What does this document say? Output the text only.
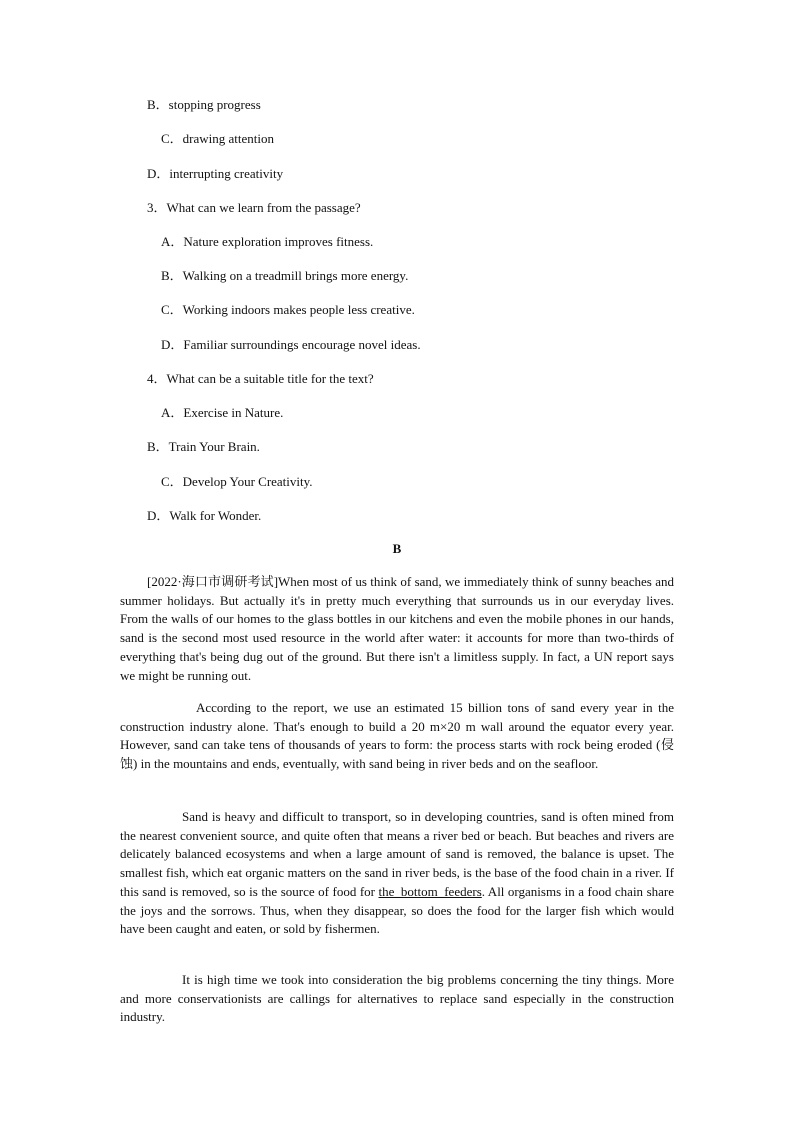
B．stopping progress
C．drawing attention
D．interrupting creativity
3．What can we learn from the passage?
A．Nature exploration improves fitness.
B．Walking on a treadmill brings more energy.
C．Working indoors makes people less creative.
D．Familiar surroundings encourage novel ideas.
4．What can be a suitable title for the text?
A．Exercise in Nature.
B．Train Your Brain.
C．Develop Your Creativity.
D．Walk for Wonder.
B

[2022·海口市调研考试]When most of us think of sand, we immediately think of sunny beaches and summer holidays. But actually it's in pretty much everything that surrounds us in our everyday lives. From the walls of our homes to the glass bottles in our kitchens and even the mobile phones in our hands, sand is the second most used resource in the world after water: it accounts for more than two-thirds of everything that's being dug out of the ground. But there isn't a limitless supply. In fact, a UN report says we might be running out.

According to the report, we use an estimated 15 billion tons of sand every year in the construction industry alone. That's enough to build a 20 m×20 m wall around the equator every year. However, sand can take tens of thousands of years to form: the process starts with rock being eroded (侵蚀) in the mountains and ends, eventually, with sand being in river beds and on the seafloor.

Sand is heavy and difficult to transport, so in developing countries, sand is often mined from the nearest convenient source, and quite often that means a river bed or beach. But beaches and rivers are delicately balanced ecosystems and when a large amount of sand is removed, the balance is upset. The smallest fish, which eat organic matters on the sand in river beds, is the base of the food chain in a river. If this sand is removed, so is the source of food for the_bottom_feeders. All organisms in a food chain share the joys and the sorrows. Thus, when they disappear, so does the food for the larger fish which would have been caught and eaten, or sold by fishermen.

It is high time we took into consideration the big problems concerning the tiny things. More and more conservationists are callings for alternatives to replace sand especially in the construction industry.
